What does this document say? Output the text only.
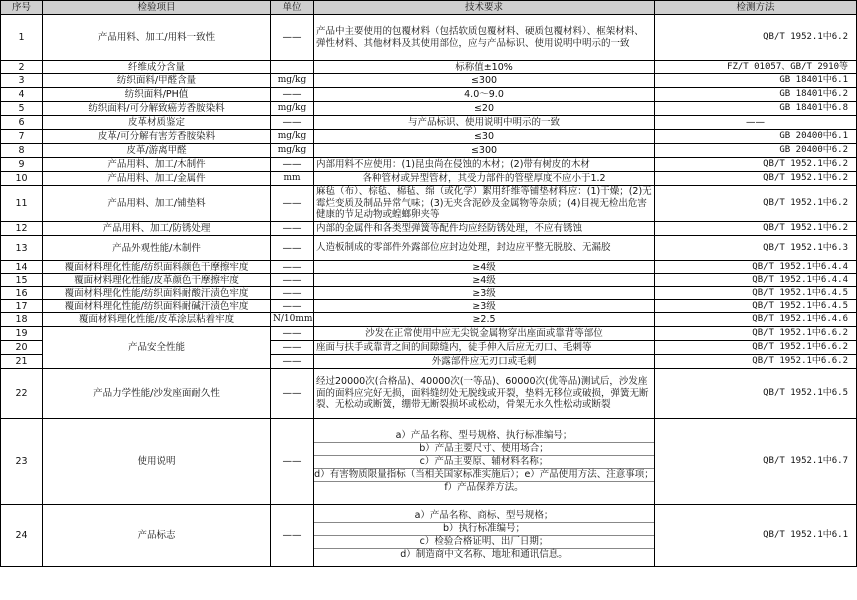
序号	检验项目	单位	技术要求	检测方法
1	产品用料、加工/用料一致性	——	产品中主要使用的包覆材料（包括软质包覆材料、硬质包覆材料）、框架材料、弹性材料、其他材料及其使用部位，应与产品标识、使用说明中明示的一致	QB/T 1952.1中6.2
2	纤维成分含量		标称值±10%	FZ/T 01057、GB/T 2910等
3	纺织面料/甲醛含量	mg/kg	≤300	GB 18401中6.1
4	纺织面料/PH值	——	4.0～9.0	GB 18401中6.2
5	纺织面料/可分解致癌芳香胺染料	mg/kg	≤20	GB 18401中6.8
6	皮革材质鉴定	——	与产品标识、使用说明中明示的一致	——
7	皮革/可分解有害芳香胺染料	mg/kg	≤30	GB 20400中6.1
8	皮革/游离甲醛	mg/kg	≤300	GB 20400中6.2
9	产品用料、加工/木制件	——	内部用料不应使用：(1)昆虫尚在侵蚀的木材；(2)带有树皮的木材	QB/T 1952.1中6.2
10	产品用料、加工/金属件	mm	各种管材或异型管材，其受力部件的管壁厚度不应小于1.2	QB/T 1952.1中6.2
11	产品用料、加工/铺垫料	——	麻毡（布）、棕毡、棉毡、绵（或化学）絮用纤维等铺垫材料应：(1)干燥；(2)无霉烂变质及制品异常气味；(3)无夹含泥砂及金属物等杂质；(4)目视无检出危害健康的节足动物或蝗螂卵夹等	QB/T 1952.1中6.2
12	产品用料、加工/防锈处理	——	内部的金属件和各类型弹簧等配件均应经防锈处理，不应有锈蚀	QB/T 1952.1中6.2
13	产品外观性能/木制件	——	人造板制成的零部件外露部位应封边处理，封边应平整无脱胶、无漏胶	QB/T 1952.1中6.3
14	覆面材料理化性能/纺织面料颜色干摩擦牢度	——	≥4级	QB/T 1952.1中6.4.4
15	覆面材料理化性能/皮革颜色干摩擦牢度	——	≥4级	QB/T 1952.1中6.4.4
16	覆面材料理化性能/纺织面料耐酸汗渍色牢度	——	≥3级	QB/T 1952.1中6.4.5
17	覆面材料理化性能/纺织面料耐碱汗渍色牢度	——	≥3级	QB/T 1952.1中6.4.5
18	覆面材料理化性能/皮革涂层粘着牢度	N/10mm	≥2.5	QB/T 1952.1中6.4.6
19	产品安全性能	——	沙发在正常使用中应无尖锐金属物穿出座面或靠背等部位	QB/T 1952.1中6.6.2
20		——	座面与扶手或靠背之间的间隙缝内，徒手伸入后应无刃口、毛刺等	QB/T 1952.1中6.6.2
21		——	外露部件应无刃口或毛刺	QB/T 1952.1中6.6.2
22	产品力学性能/沙发座面耐久性	——	经过20000次(合格品)、40000次(一等品)、60000次(优等品)测试后，沙发座面的面料应完好无损，面料缝纫处无脱线或开裂，垫料无移位或破损，弹簧无断裂、无松动或断簧，绷带无断裂损坏或松动，骨架无永久性松动或断裂	QB/T 1952.1中6.5
23	使用说明	——	a）产品名称、型号规格、执行标准编号；
b）产品主要尺寸、使用场合；
c）产品主要原、辅材料名称；
d）有害物质限量指标（当相关国家标准实施后）；e）产品使用方法、注意事项；
f）产品保养方法。	QB/T 1952.1中6.7
24	产品标志	——	a）产品名称、商标、型号规格；
b）执行标准编号；
c）检验合格证明、出厂日期；
d）制造商中文名称、地址和通讯信息。	QB/T 1952.1中6.1
